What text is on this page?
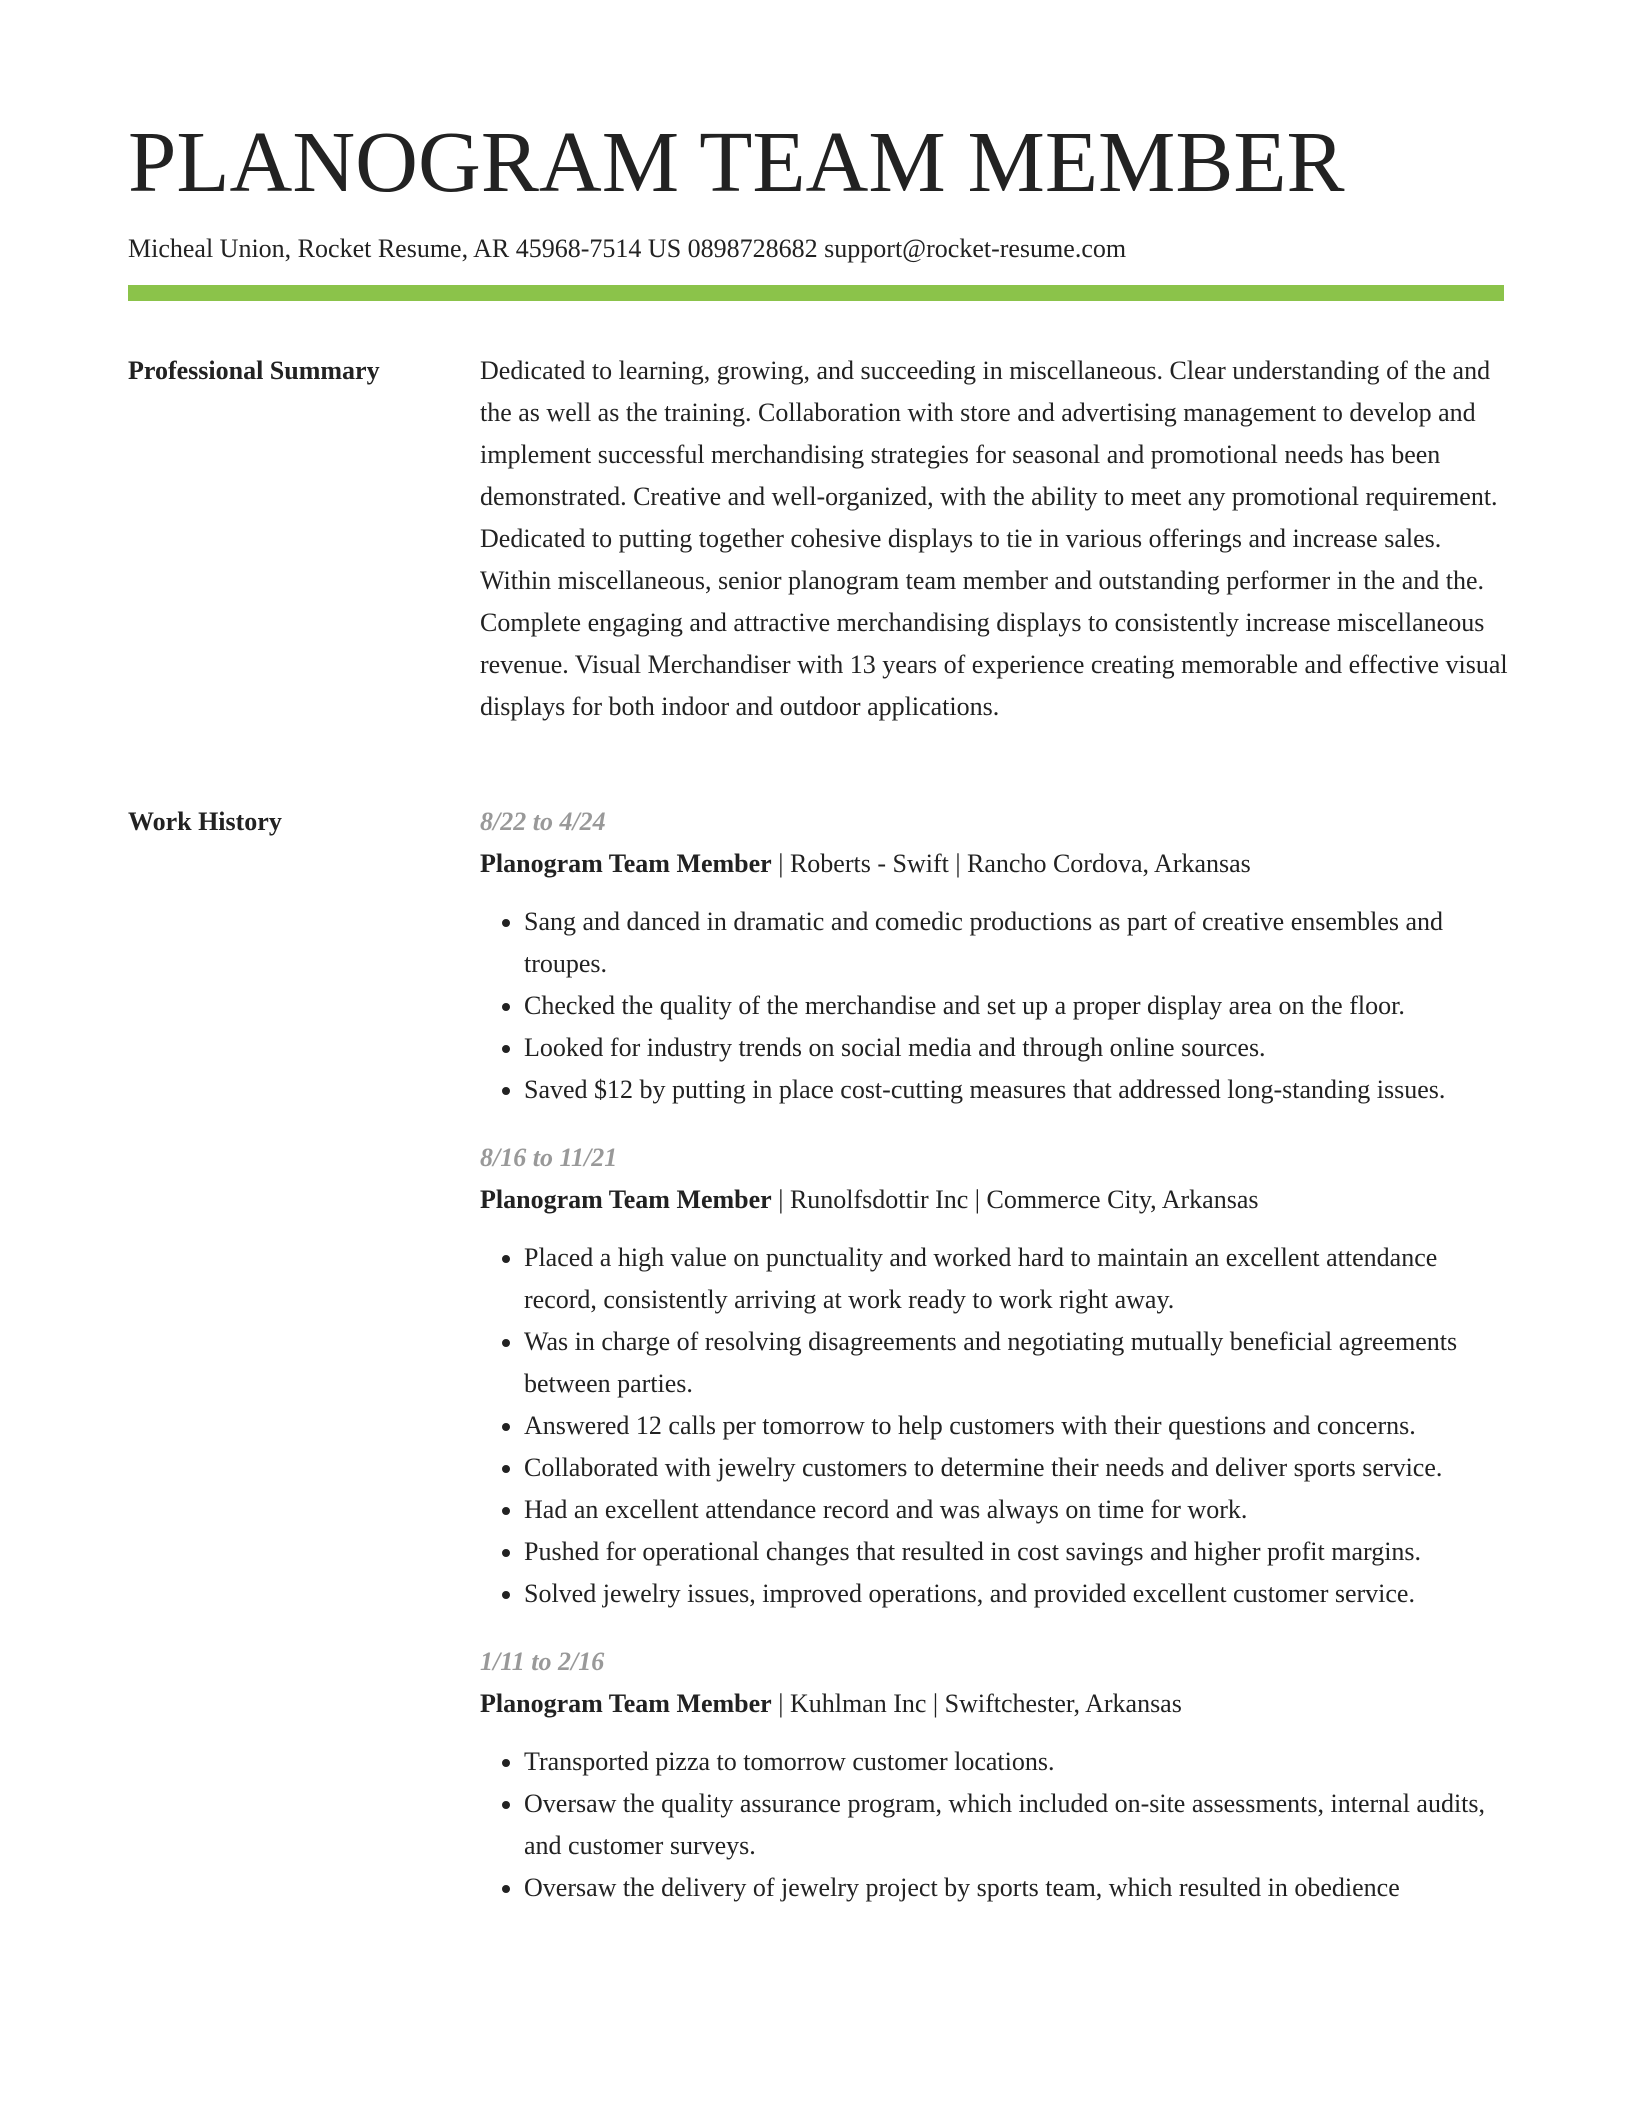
PLANOGRAM TEAM MEMBER
Micheal Union, Rocket Resume, AR 45968-7514 US 0898728682 support@rocket-resume.com
Professional Summary	Dedicated to learning, growing, and succeeding in miscellaneous. Clear understanding of the and the as well as the training. Collaboration with store and advertising management to develop and implement successful merchandising strategies for seasonal and promotional needs has been demonstrated. Creative and well-organized, with the ability to meet any promotional requirement. Dedicated to putting together cohesive displays to tie in various offerings and increase sales. Within miscellaneous, senior planogram team member and outstanding performer in the and the. Complete engaging and attractive merchandising displays to consistently increase miscellaneous revenue. Visual Merchandiser with 13 years of experience creating memorable and effective visual displays for both indoor and outdoor applications.

Work History	8/22 to 4/24
Planogram Team Member | Roberts - Swift | Rancho Cordova, Arkansas
• Sang and danced in dramatic and comedic productions as part of creative ensembles and troupes.
• Checked the quality of the merchandise and set up a proper display area on the floor.
• Looked for industry trends on social media and through online sources.
• Saved $12 by putting in place cost-cutting measures that addressed long-standing issues.
8/16 to 11/21
Planogram Team Member | Runolfsdottir Inc | Commerce City, Arkansas
• Placed a high value on punctuality and worked hard to maintain an excellent attendance record, consistently arriving at work ready to work right away.
• Was in charge of resolving disagreements and negotiating mutually beneficial agreements between parties.
• Answered 12 calls per tomorrow to help customers with their questions and concerns.
• Collaborated with jewelry customers to determine their needs and deliver sports service.
• Had an excellent attendance record and was always on time for work.
• Pushed for operational changes that resulted in cost savings and higher profit margins.
• Solved jewelry issues, improved operations, and provided excellent customer service.
1/11 to 2/16
Planogram Team Member | Kuhlman Inc | Swiftchester, Arkansas
• Transported pizza to tomorrow customer locations.
• Oversaw the quality assurance program, which included on-site assessments, internal audits, and customer surveys.
• Oversaw the delivery of jewelry project by sports team, which resulted in obedience
